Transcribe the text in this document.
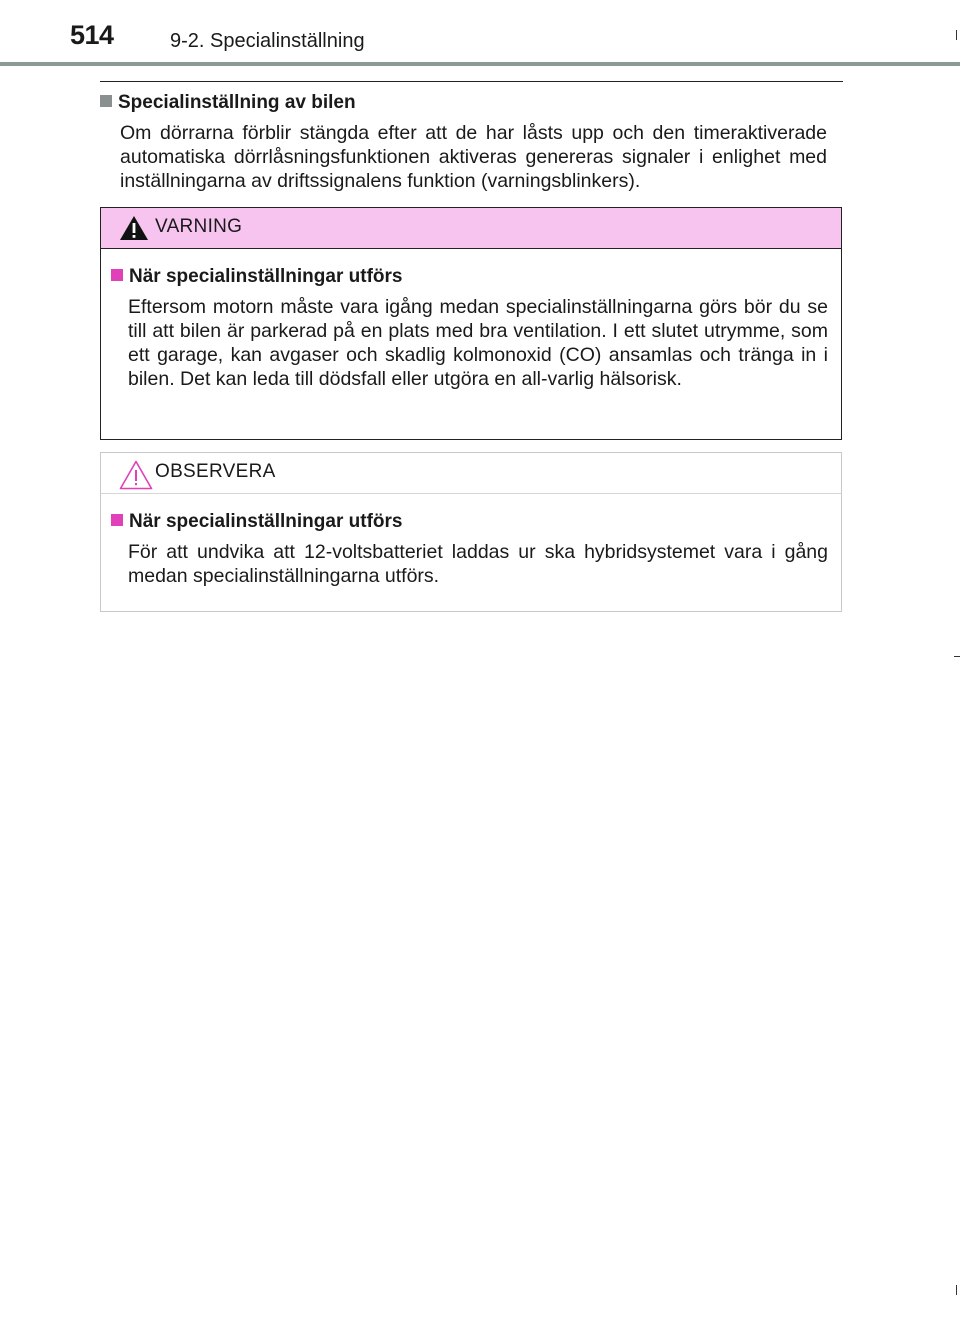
514	9-2. Specialinställning
Specialinställning av bilen

Om dörrarna förblir stängda efter att de har låsts upp och den timeraktiverade automatiska dörrlåsningsfunktionen aktiveras genereras signaler i enlighet med inställningarna av driftssignalens funktion (varningsblinkers).

VARNING
När specialinställningar utförs

Eftersom motorn måste vara igång medan specialinställningarna görs bör du se till att bilen är parkerad på en plats med bra ventilation. I ett slutet utrymme, som ett garage, kan avgaser och skadlig kolmonoxid (CO) ansamlas och tränga in i bilen. Det kan leda till dödsfall eller utgöra en all-varlig hälsorisk.

OBSERVERA
När specialinställningar utförs

För att undvika att 12-voltsbatteriet laddas ur ska hybridsystemet vara i gång medan specialinställningarna utförs.
